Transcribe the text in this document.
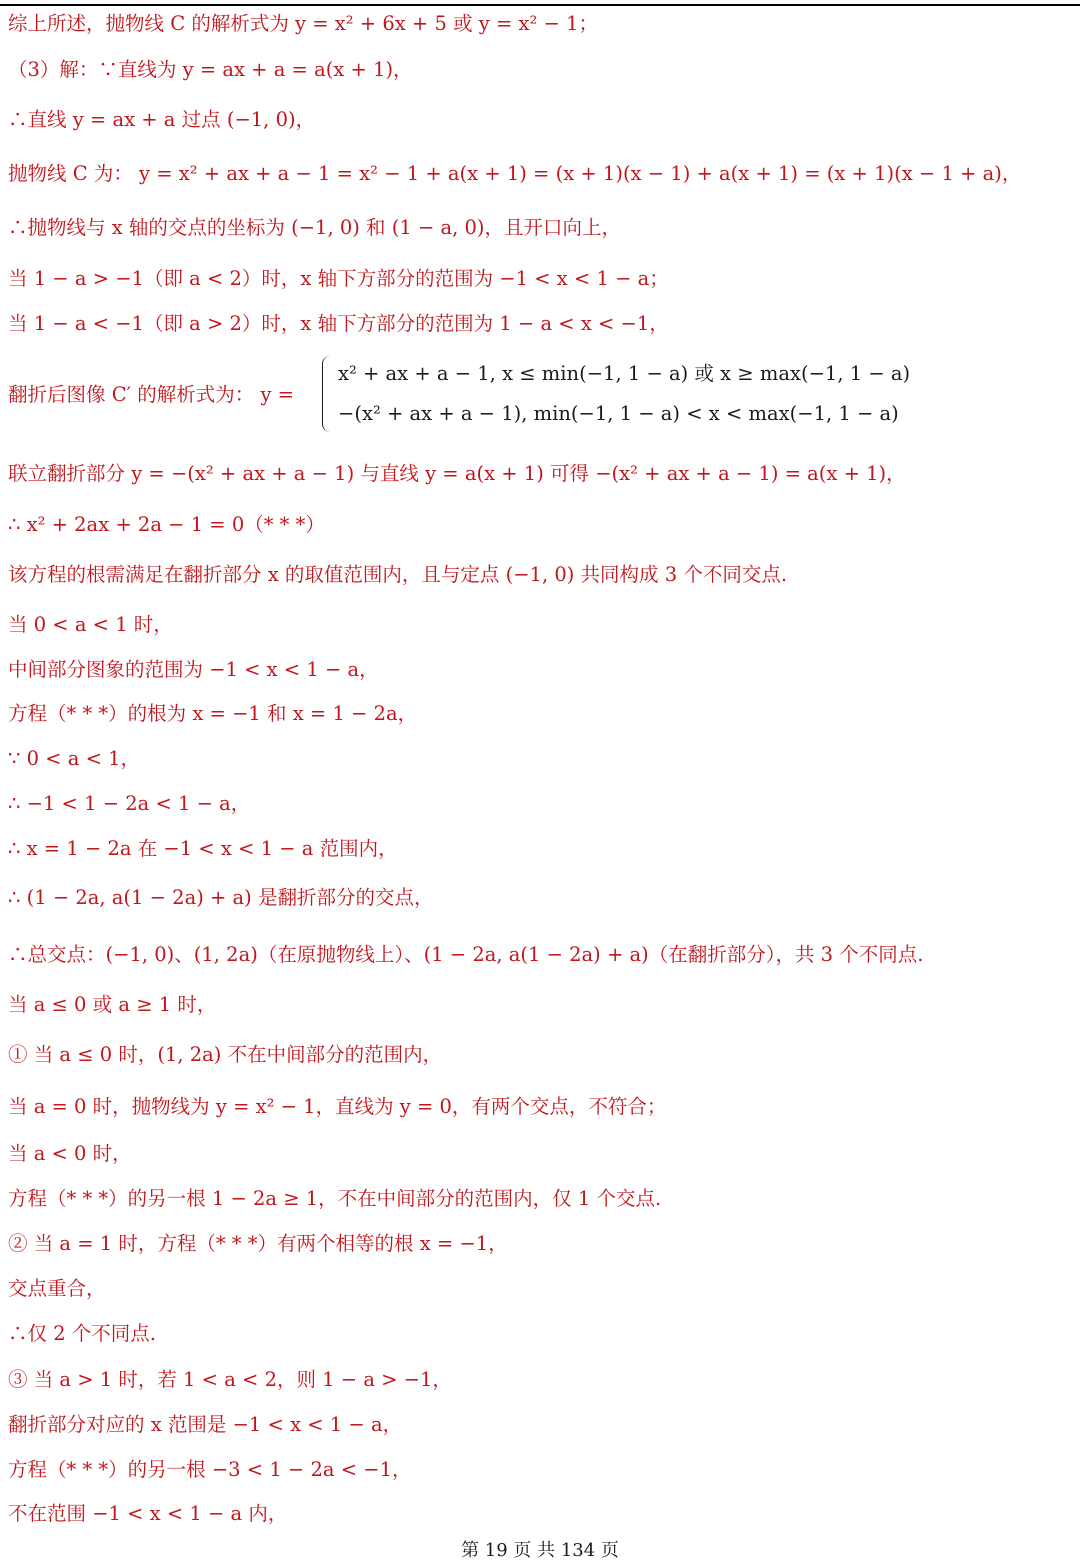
综上所述，抛物线 C 的解析式为 y = x² + 6x + 5 或 y = x² − 1；
（3）解：∵直线为 y = ax + a = a(x + 1)，
∴直线 y = ax + a 过点 (−1, 0)，
抛物线 C 为： y = x² + ax + a − 1 = x² − 1 + a(x + 1) = (x + 1)(x − 1) + a(x + 1) = (x + 1)(x − 1 + a)，
∴抛物线与 x 轴的交点的坐标为 (−1, 0) 和 (1 − a, 0)，且开口向上，
当 1 − a > −1（即 a < 2）时，x 轴下方部分的范围为 −1 < x < 1 − a；
当 1 − a < −1（即 a > 2）时，x 轴下方部分的范围为 1 − a < x < −1，
翻折后图像 C′ 的解析式为： y =
x² + ax + a − 1, x ≤ min(−1, 1 − a) 或 x ≥ max(−1, 1 − a)
−(x² + ax + a − 1), min(−1, 1 − a) < x < max(−1, 1 − a)
联立翻折部分 y = −(x² + ax + a − 1) 与直线 y = a(x + 1) 可得 −(x² + ax + a − 1) = a(x + 1)，
∴ x² + 2ax + 2a − 1 = 0（* * *）
该方程的根需满足在翻折部分 x 的取值范围内，且与定点 (−1, 0) 共同构成 3 个不同交点.
当 0 < a < 1 时，
中间部分图象的范围为 −1 < x < 1 − a，
方程（* * *）的根为 x = −1 和 x = 1 − 2a，
∵ 0 < a < 1，
∴ −1 < 1 − 2a < 1 − a，
∴ x = 1 − 2a 在 −1 < x < 1 − a 范围内，
∴ (1 − 2a, a(1 − 2a) + a) 是翻折部分的交点，
∴总交点：(−1, 0)、(1, 2a)（在原抛物线上）、(1 − 2a, a(1 − 2a) + a)（在翻折部分），共 3 个不同点.
当 a ≤ 0 或 a ≥ 1 时，
① 当 a ≤ 0 时，(1, 2a) 不在中间部分的范围内，
当 a = 0 时，抛物线为 y = x² − 1，直线为 y = 0，有两个交点，不符合；
当 a < 0 时，
方程（* * *）的另一根 1 − 2a ≥ 1，不在中间部分的范围内，仅 1 个交点.
② 当 a = 1 时，方程（* * *）有两个相等的根 x = −1，
交点重合，
∴仅 2 个不同点.
③ 当 a > 1 时，若 1 < a < 2，则 1 − a > −1，
翻折部分对应的 x 范围是 −1 < x < 1 − a，
方程（* * *）的另一根 −3 < 1 − 2a < −1，
不在范围 −1 < x < 1 − a 内，
第 19 页 共 134 页
